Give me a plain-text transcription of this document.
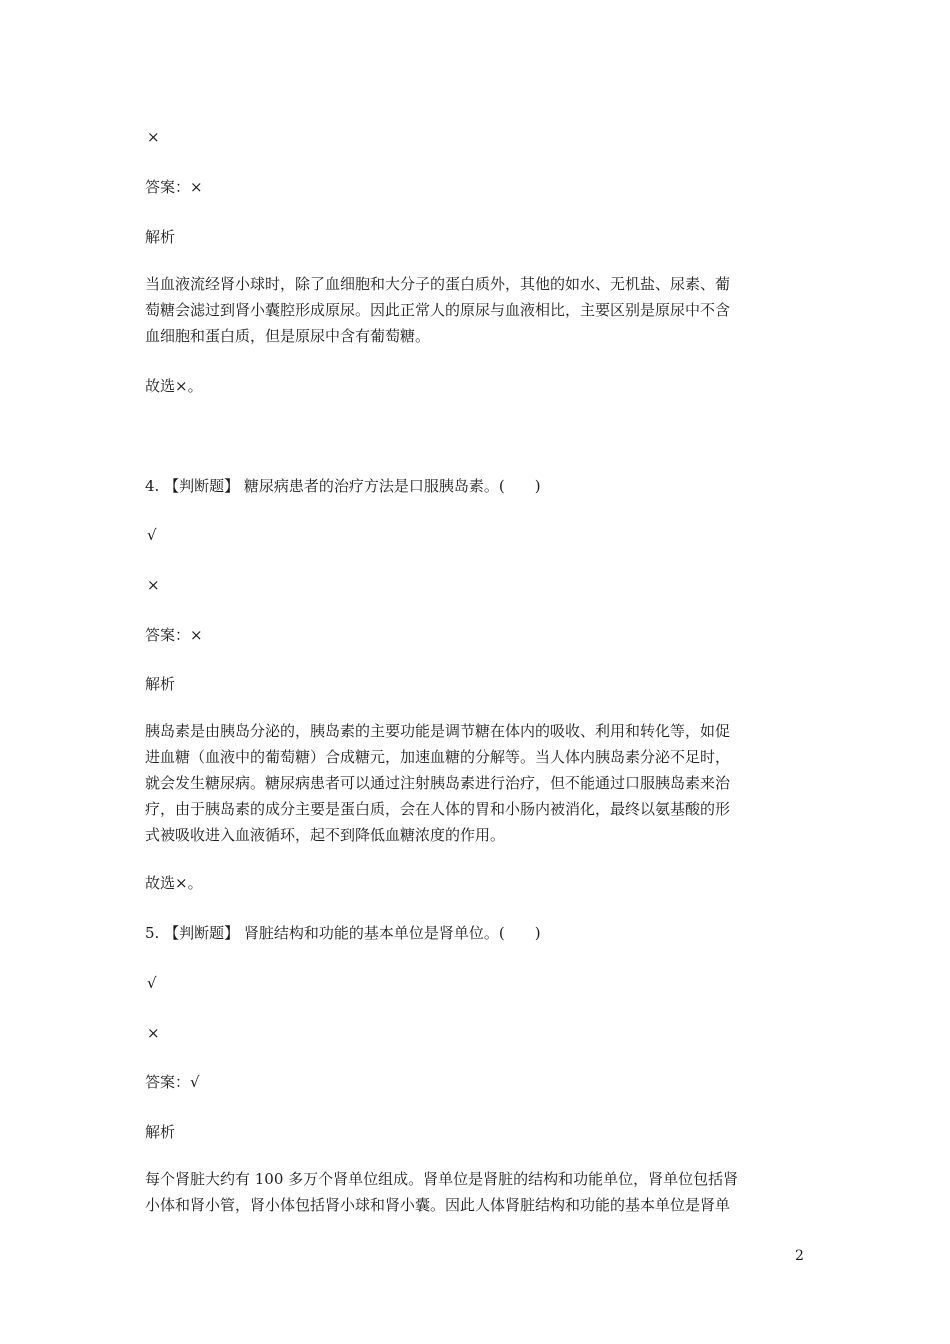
×
答案：×
解析
当血液流经肾小球时，除了血细胞和大分子的蛋白质外，其他的如水、无机盐、尿素、葡
萄糖会滤过到肾小囊腔形成原尿。因此正常人的原尿与血液相比，主要区别是原尿中不含
血细胞和蛋白质，但是原尿中含有葡萄糖。
故选×。
4. 【判断题】 糖尿病患者的治疗方法是口服胰岛素。(　　)
√
×
答案：×
解析
胰岛素是由胰岛分泌的，胰岛素的主要功能是调节糖在体内的吸收、利用和转化等，如促
进血糖（血液中的葡萄糖）合成糖元，加速血糖的分解等。当人体内胰岛素分泌不足时，
就会发生糖尿病。糖尿病患者可以通过注射胰岛素进行治疗，但不能通过口服胰岛素来治
疗，由于胰岛素的成分主要是蛋白质，会在人体的胃和小肠内被消化，最终以氨基酸的形
式被吸收进入血液循环，起不到降低血糖浓度的作用。
故选×。
5. 【判断题】 肾脏结构和功能的基本单位是肾单位。(　　)
√
×
答案：√
解析
每个肾脏大约有 100 多万个肾单位组成。肾单位是肾脏的结构和功能单位，肾单位包括肾
小体和肾小管，肾小体包括肾小球和肾小囊。因此人体肾脏结构和功能的基本单位是肾单
2
